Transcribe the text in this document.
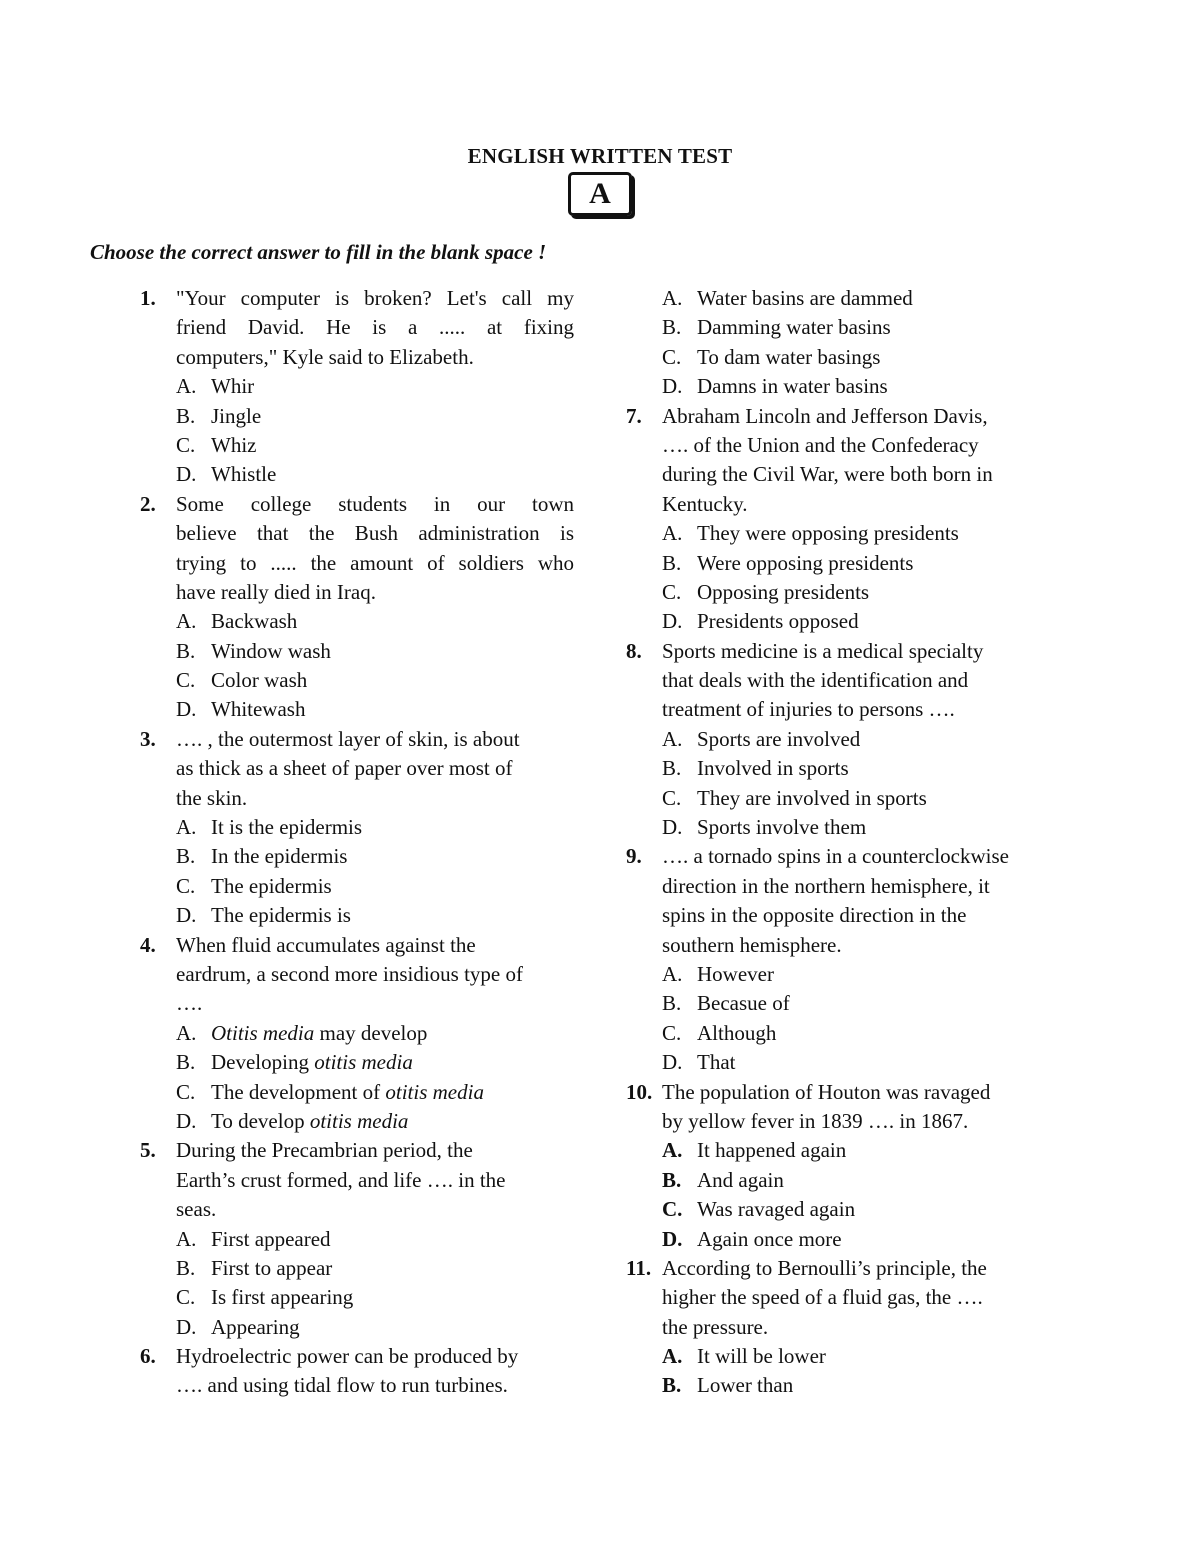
ENGLISH WRITTEN TEST
A
Choose the correct answer to fill in the blank space !
1. "Your computer is broken? Let's call my
friend David. He is a ..... at fixing
computers," Kyle said to Elizabeth.
A. Whir
B. Jingle
C. Whiz
D. Whistle
2. Some college students in our town
believe that the Bush administration is
trying to ..... the amount of soldiers who
have really died in Iraq.
A. Backwash
B. Window wash
C. Color wash
D. Whitewash
3. …. , the outermost layer of skin, is about
as thick as a sheet of paper over most of
the skin.
A. It is the epidermis
B. In the epidermis
C. The epidermis
D. The epidermis is
4. When fluid accumulates against the
eardrum, a second more insidious type of
….
A. Otitis media may develop
B. Developing otitis media
C. The development of otitis media
D. To develop otitis media
5. During the Precambrian period, the
Earth’s crust formed, and life …. in the
seas.
A. First appeared
B. First to appear
C. Is first appearing
D. Appearing
6. Hydroelectric power can be produced by
…. and using tidal flow to run turbines.
A. Water basins are dammed
B. Damming water basins
C. To dam water basings
D. Damns in water basins
7. Abraham Lincoln and Jefferson Davis,
…. of the Union and the Confederacy
during the Civil War, were both born in
Kentucky.
A. They were opposing presidents
B. Were opposing presidents
C. Opposing presidents
D. Presidents opposed
8. Sports medicine is a medical specialty
that deals with the identification and
treatment of injuries to persons ….
A. Sports are involved
B. Involved in sports
C. They are involved in sports
D. Sports involve them
9. …. a tornado spins in a counterclockwise
direction in the northern hemisphere, it
spins in the opposite direction in the
southern hemisphere.
A. However
B. Becasue of
C. Although
D. That
10. The population of Houton was ravaged
by yellow fever in 1839 …. in 1867.
A. It happened again
B. And again
C. Was ravaged again
D. Again once more
11. According to Bernoulli’s principle, the
higher the speed of a fluid gas, the ….
the pressure.
A. It will be lower
B. Lower than
